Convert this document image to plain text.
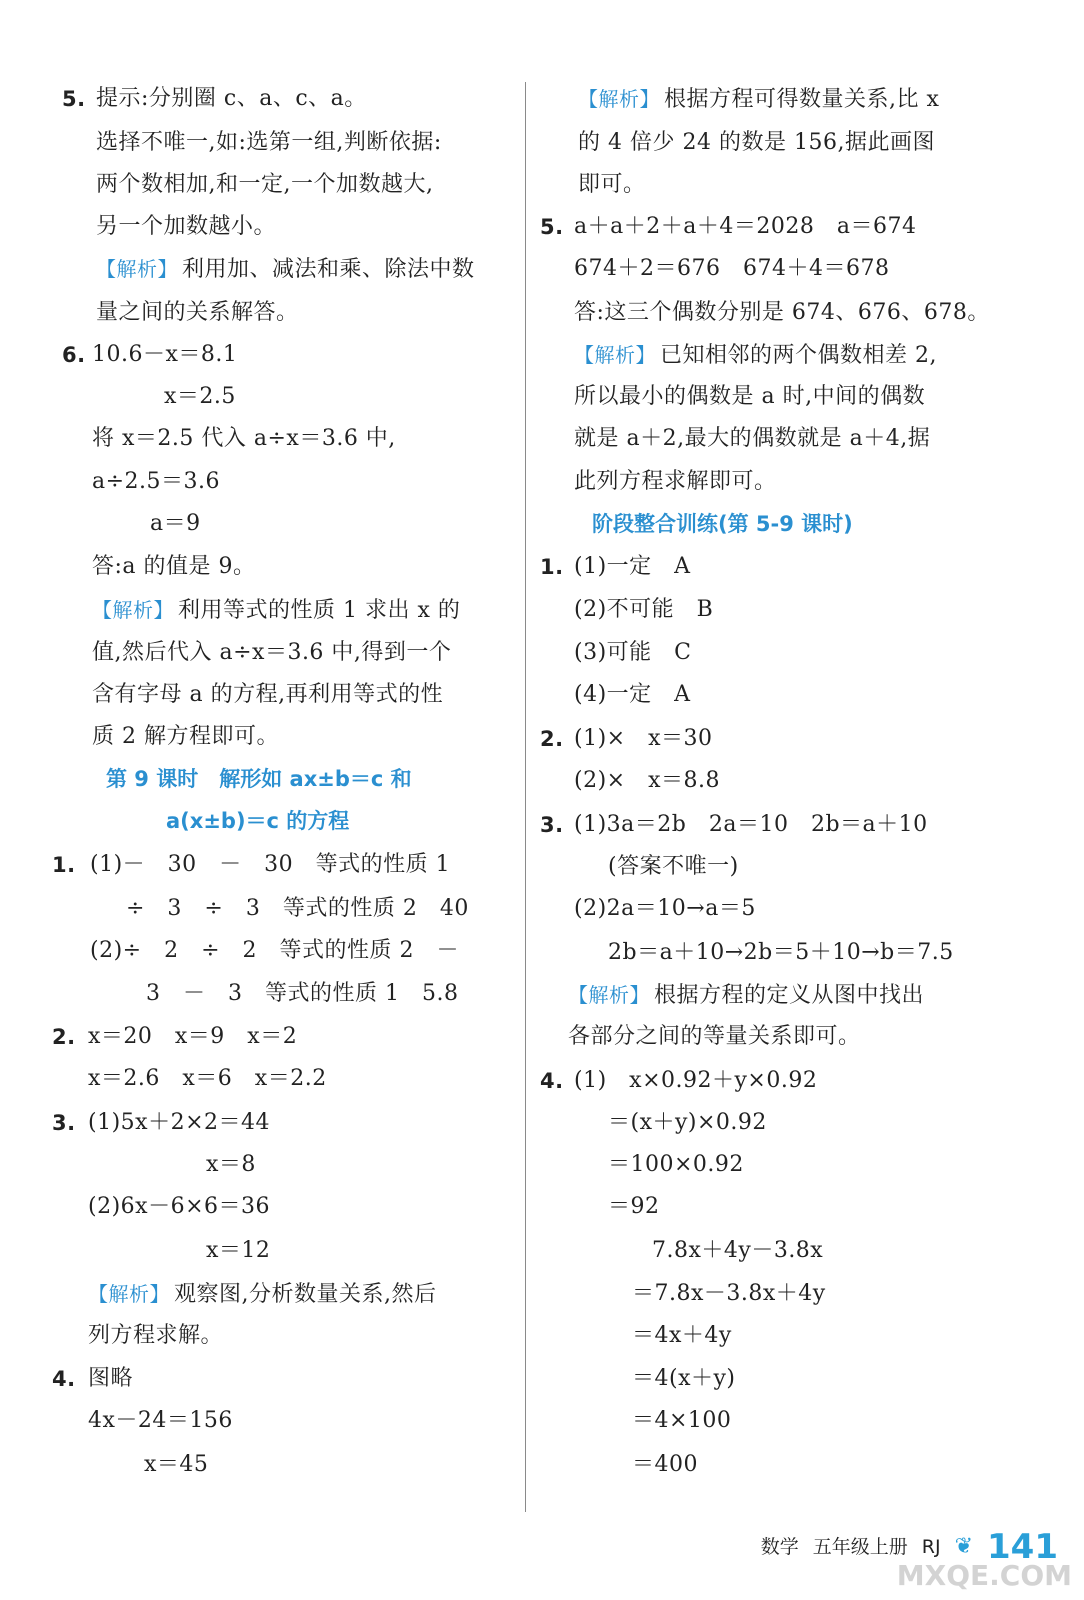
5. 提示:分别圈 c、a、c、a。
选择不唯一,如:选第一组,判断依据:
两个数相加,和一定,一个加数越大,
另一个加数越小。
【解析】 利用加、减法和乘、除法中数
量之间的关系解答。
6. 10.6－x＝8.1
x＝2.5
将 x＝2.5 代入 a÷x＝3.6 中,
a÷2.5＝3.6
a＝9
答:a 的值是 9。
【解析】 利用等式的性质 1 求出 x 的
值,然后代入 a÷x＝3.6 中,得到一个
含有字母 a 的方程,再利用等式的性
质 2 解方程即可。
第 9 课时　解形如 ax±b＝c 和
a(x±b)＝c 的方程
1. (1)－　30　－　30　等式的性质 1
÷　3　÷　3　等式的性质 2　40
(2)÷　2　÷　2　等式的性质 2　－
3　－　3　等式的性质 1　5.8
2. x＝20　x＝9　x＝2
x＝2.6　x＝6　x＝2.2
3. (1)5x＋2×2＝44
x＝8
(2)6x－6×6＝36
x＝12
【解析】 观察图,分析数量关系,然后
列方程求解。
4. 图略
4x－24＝156
x＝45
【解析】 根据方程可得数量关系,比 x
的 4 倍少 24 的数是 156,据此画图
即可。
5. a＋a＋2＋a＋4＝2028　a＝674
674＋2＝676　674＋4＝678
答:这三个偶数分别是 674、676、678。
【解析】 已知相邻的两个偶数相差 2,
所以最小的偶数是 a 时,中间的偶数
就是 a＋2,最大的偶数就是 a＋4,据
此列方程求解即可。
阶段整合训练(第 5-9 课时)
1. (1)一定　A
(2)不可能　B
(3)可能　C
(4)一定　A
2. (1)×　x＝30
(2)×　x＝8.8
3. (1)3a＝2b　2a＝10　2b＝a＋10
(答案不唯一)
(2)2a＝10→a＝5
2b＝a＋10→2b＝5＋10→b＝7.5
【解析】 根据方程的定义从图中找出
各部分之间的等量关系即可。
4. (1)　x×0.92＋y×0.92
＝(x＋y)×0.92
＝100×0.92
＝92
7.8x＋4y－3.8x
＝7.8x－3.8x＋4y
＝4x＋4y
＝4(x＋y)
＝4×100
＝400
数学 五年级上册 RJ ❦ 141
MXQE.COM
